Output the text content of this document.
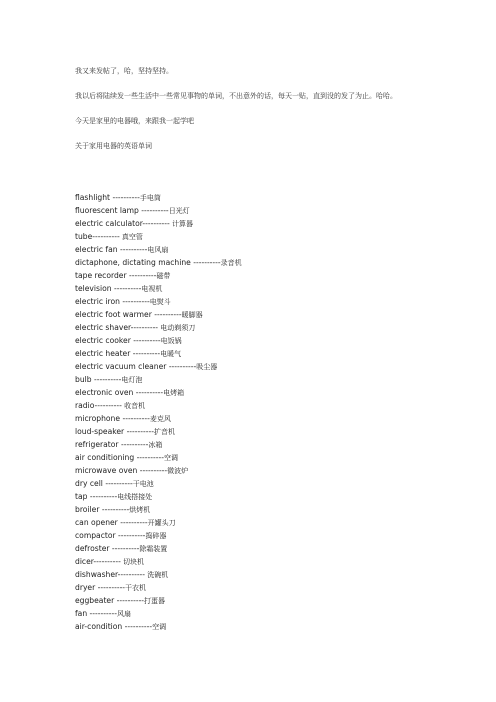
我又来发帖了，哈，坚持坚持。

我以后将陆续发一些生活中一些常见事物的单词，不出意外的话，每天一贴，直到没的发了为止。哈哈。

今天是家里的电器哦，来跟我一起学吧

关于家用电器的英语单词

flashlight ----------手电筒
fluorescent lamp ----------日光灯
electric calculator---------- 计算器
tube---------- 真空管
electric fan ----------电风扇
dictaphone, dictating machine ----------录音机
tape recorder ----------磁带
television ----------电视机
electric iron ----------电熨斗
electric foot warmer ----------暖脚器
electric shaver---------- 电动剃须刀
electric cooker ----------电饭锅
electric heater ----------电暖气
electric vacuum cleaner ----------吸尘器
bulb ----------电灯泡
electronic oven ----------电烤箱
radio---------- 收音机
microphone ----------麦克风
loud-speaker ----------扩音机
refrigerator ----------冰箱
air conditioning ----------空调
microwave oven ----------微波炉
dry cell ----------干电池
tap ----------电线搭接处
broiler ----------烘烤机
can opener ----------开罐头刀
compactor ----------捣碎器
defroster ----------除霜装置
dicer---------- 切块机
dishwasher---------- 洗碗机
dryer ----------干衣机
eggbeater ----------打蛋器
fan ----------风扇
air-condition ----------空调
